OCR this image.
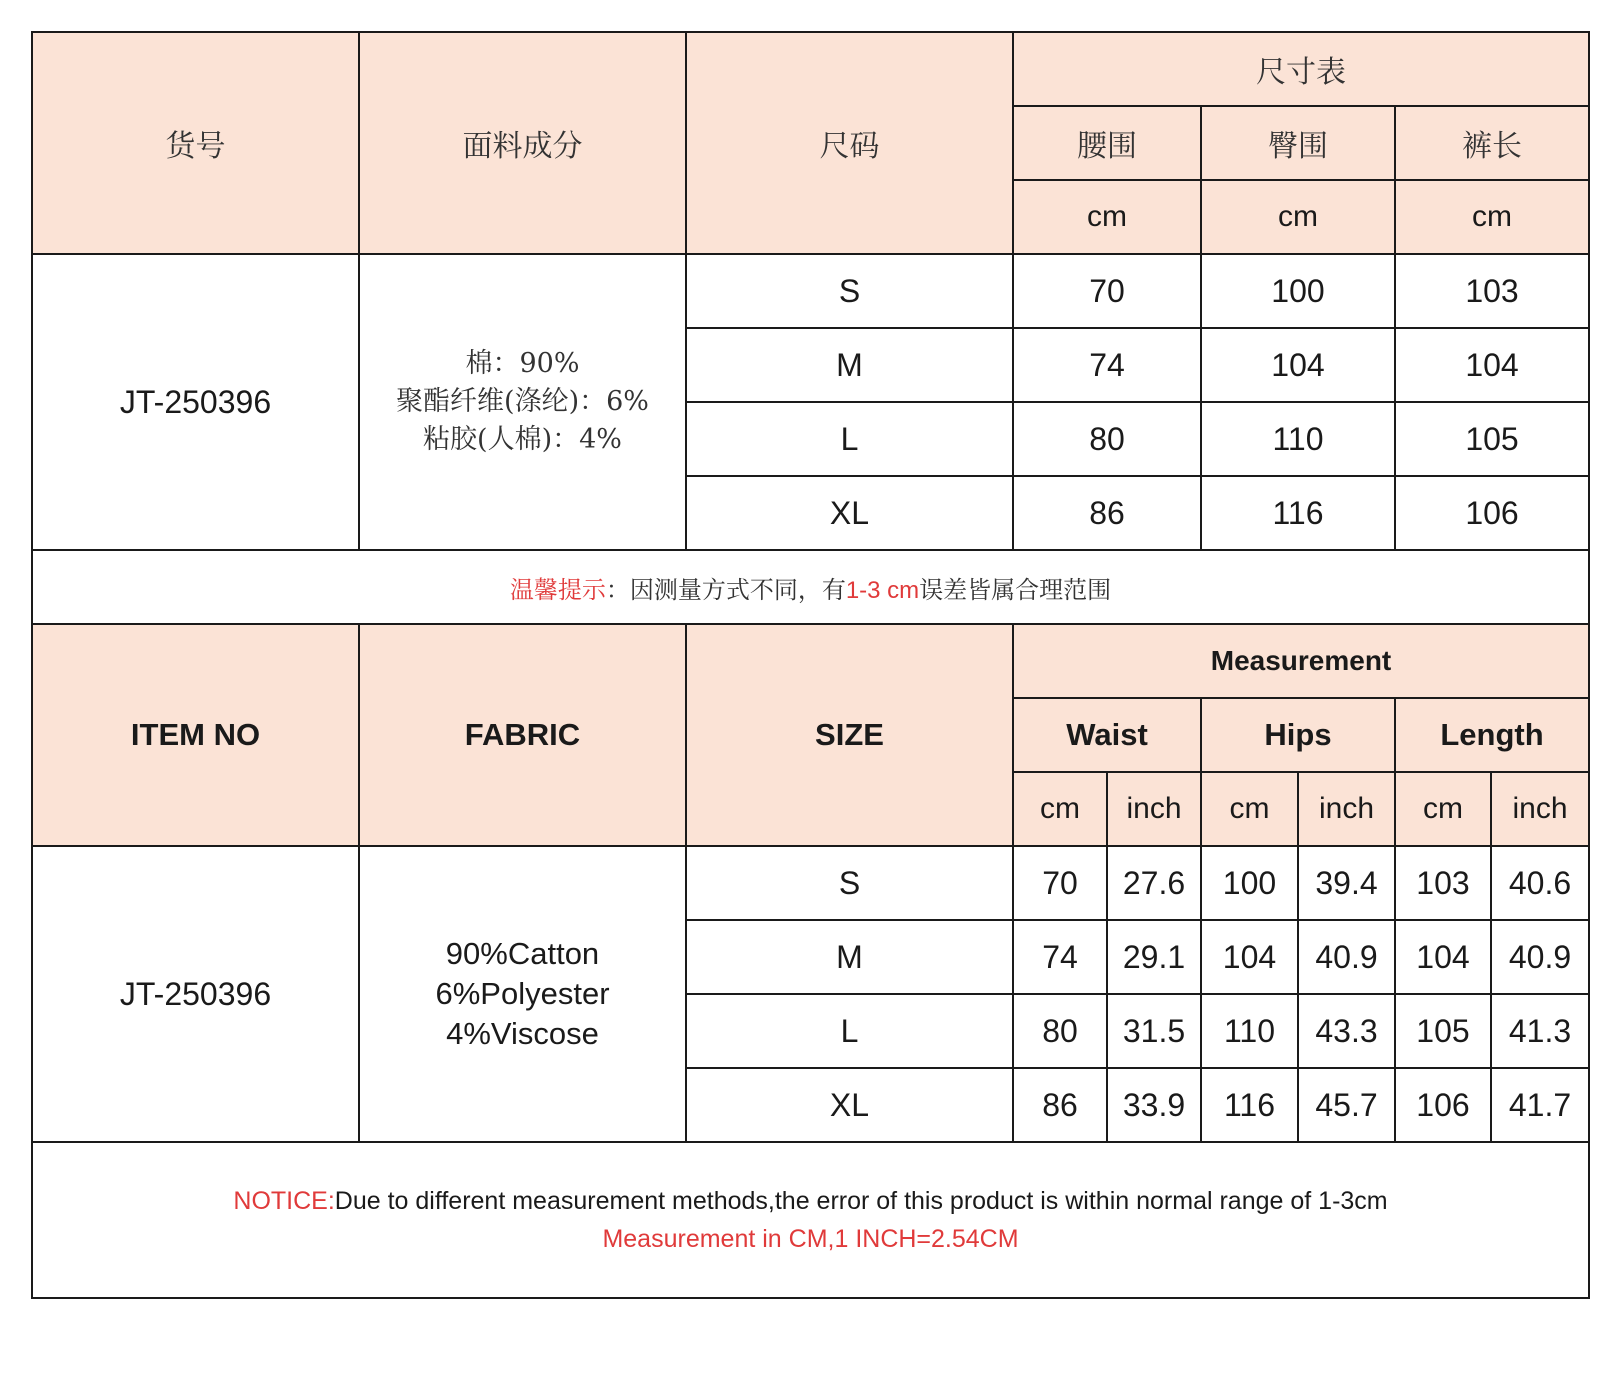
货号	面料成分	尺码	尺寸表					
			腰围		臀围		裤长	
			cm		cm		cm	
JT-250396	棉：90%
聚酯纤维(涤纶)：6%
粘胶(人棉)：4%	S	70		100		103	
		M	74		104		104	
		L	80		110		105	
		XL	86		116		106	
温馨提示：因测量方式不同，有1-3 cm误差皆属合理范围								
ITEM NO	FABRIC	SIZE	Measurement					
			Waist		Hips		Length	
			cm	inch	cm	inch	cm	inch
JT-250396	90%Catton
6%Polyester
4%Viscose	S	70	27.6	100	39.4	103	40.6
		M	74	29.1	104	40.9	104	40.9
		L	80	31.5	110	43.3	105	41.3
		XL	86	33.9	116	45.7	106	41.7

NOTICE:Due to different measurement methods,the error of this product is within normal range of 1-3cm
Measurement in CM,1 INCH=2.54CM								
